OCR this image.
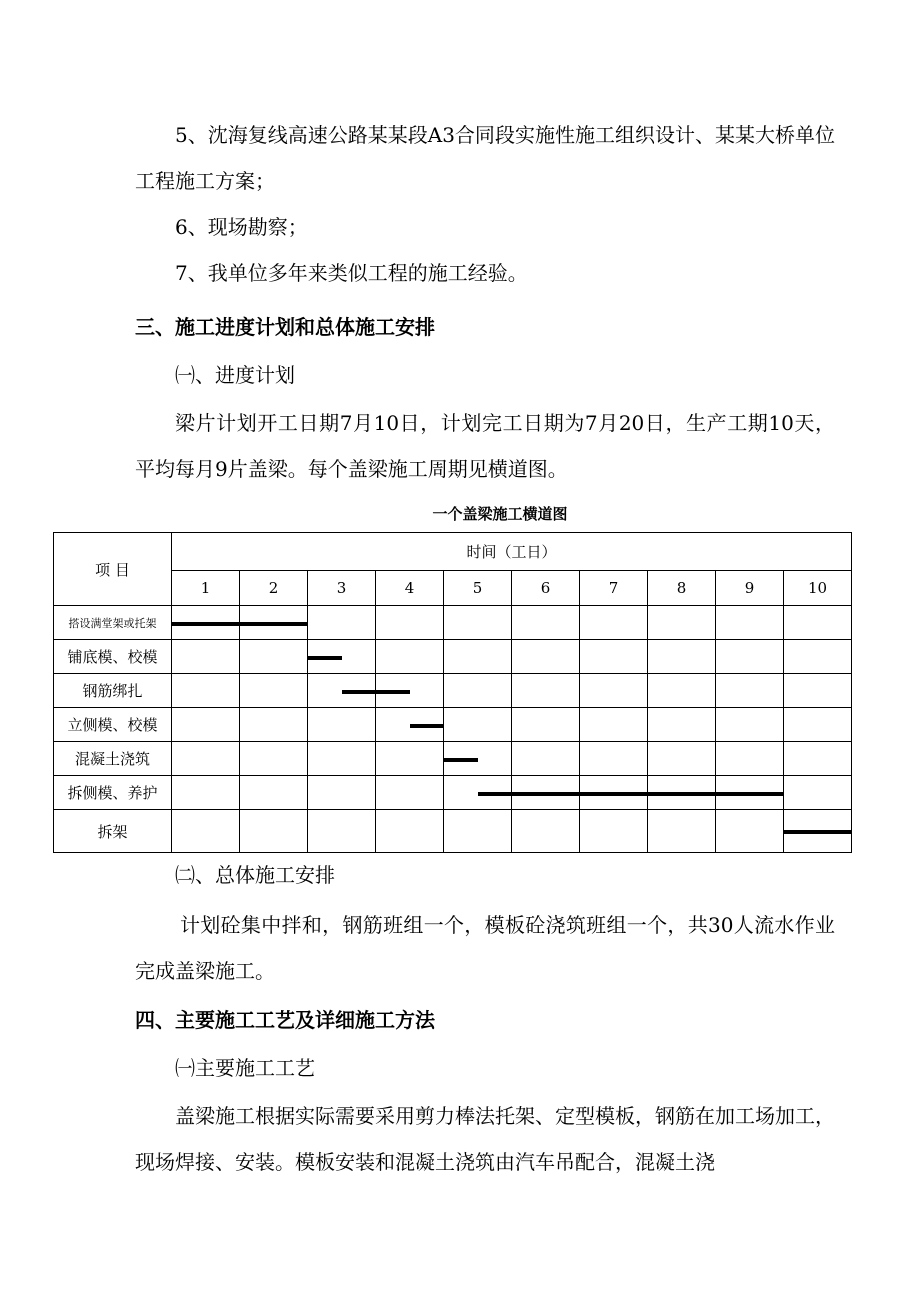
5、沈海复线高速公路某某段A3合同段实施性施工组织设计、某某大桥单位工程施工方案；

6、现场勘察；

7、我单位多年来类似工程的施工经验。

三、施工进度计划和总体施工安排

㈠、进度计划

梁片计划开工日期7月10日，计划完工日期为7月20日，生产工期10天，平均每月9片盖梁。每个盖梁施工周期见横道图。

一个盖梁施工横道图
项 目	时间（工日）									
	1	2	3	4	5	6	7	8	9	10
搭设满堂架或托架	

铺底模、校模	

钢筋绑扎	

立侧模、校模	

混凝土浇筑	

拆侧模、养护	

拆架	

㈡、总体施工安排

计划砼集中拌和，钢筋班组一个，模板砼浇筑班组一个，共30人流水作业完成盖梁施工。

四、主要施工工艺及详细施工方法

㈠主要施工工艺

盖梁施工根据实际需要采用剪力棒法托架、定型模板，钢筋在加工场加工，现场焊接、安装。模板安装和混凝土浇筑由汽车吊配合，混凝土浇
